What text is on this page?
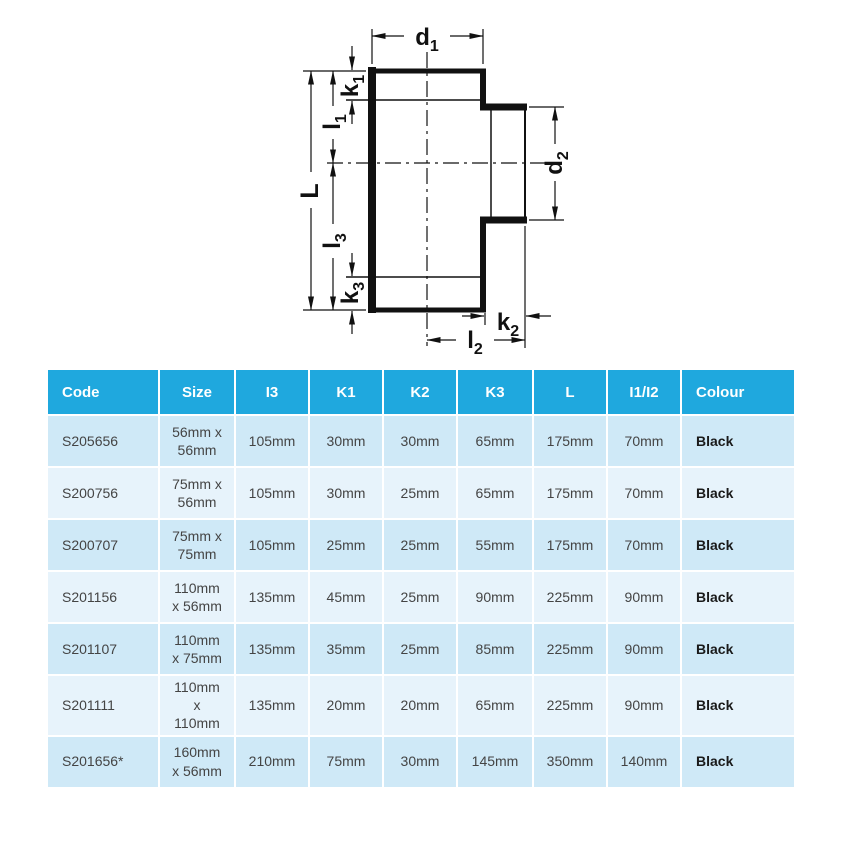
$d_1$
$k_1$
$l_1$
L
$l_3$
$k_3$
$d_2$
$k_2$
$l_2$
Code	Size	I3	K1	K2	K3	L	I1/I2	Colour
S205656	56mm x 56mm	105mm	30mm	30mm	65mm	175mm	70mm	Black
S200756	75mm x 56mm	105mm	30mm	25mm	65mm	175mm	70mm	Black
S200707	75mm x 75mm	105mm	25mm	25mm	55mm	175mm	70mm	Black
S201156	110mm x 56mm	135mm	45mm	25mm	90mm	225mm	90mm	Black
S201107	110mm x 75mm	135mm	35mm	25mm	85mm	225mm	90mm	Black
S201111	110mm x 110mm	135mm	20mm	20mm	65mm	225mm	90mm	Black
S201656*	160mm x 56mm	210mm	75mm	30mm	145mm	350mm	140mm	Black
